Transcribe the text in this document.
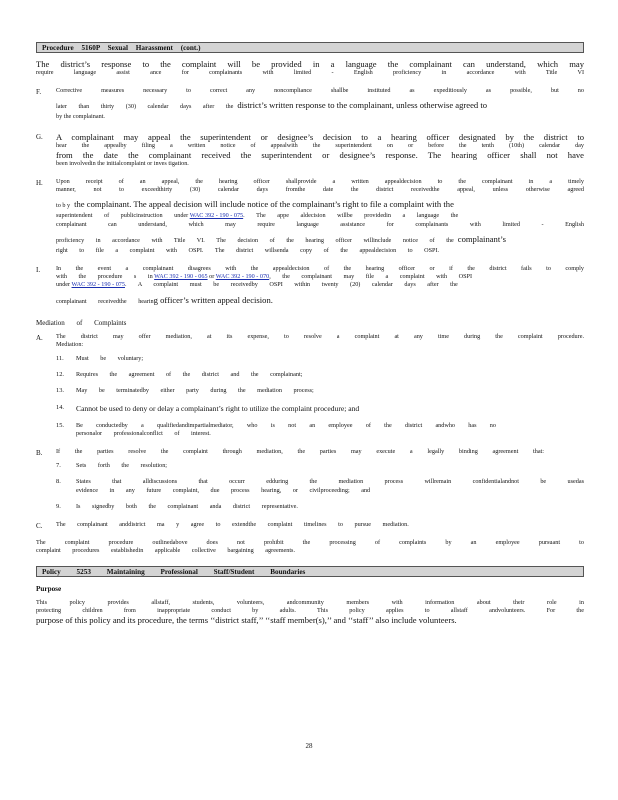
Procedure 5160P Sexual Harassment (cont.)
The district’s response to the complaint will be provided in a language the complainant can understand, which may
require language assist ance for complainants with limited - English proficiency in accordance with Title VI
F. Corrective measures necessary to correct any noncompliance shallbe instituted as expeditiously as possible, but no
later than thirty (30) calendar days after the district’s written response to the complainant, unless otherwise agreed to
by the complainant.
G. A complainant may appeal the superintendent or designee’s decision to a hearing officer designated by the district to
hear the appealby filing a written notice of appealwith the superintendent on or before the tenth (10th) calendar day
from the date the complainant received the superintendent or designee’s response. The hearing officer shall not have
been involvedin the initialcomplaint or inves tigation.
H. Upon receipt of an appeal, the hearing officer shallprovide a written appealdecision to the complainant in a timely
manner, not to exceedthirty (30) calendar days fromthe date the district receivedthe appeal, unless otherwise agreed
to b y the complainant. The appeal decision will include notice of the complainant’s right to file a complaint with the
superintendent of publicinstruction under WAC 392 - 190 - 075. The appe aldecision willbe providedin a language the
complainant can understand, which may require language assistance for complainants with limited - English
proficiency in accordance with Title VI. The decision of the hearing officer willinclude notice of the complainant’s
right to file a complaint with OSPI. The district willsenda copy of the appealdecision to OSPI.
I.	In the event a complainant disagrees with the appealdecision of the hearing officer or if the district fails to comply
with the procedure s in WAC 392 - 190 - 065 or WAC 392 - 190 - 070, the complainant may file a complaint with OSPI
under WAC 392 - 190 - 075. A complaint must be receivedby OSPI within twenty (20) calendar days after the
complainant receivedthe hearing officer’s written appeal decision.
Mediation of Complaints
A. The district may offer mediation, at its expense, to resolve a complaint at any time during the complaint procedure.
Mediation:
11. Must be voluntary;
12. Requires the agreement of the district and the complainant;
13. May be terminatedby either party during the mediation process;
14. Cannot be used to deny or delay a complainant’s right to utilize the complaint procedure; and
15. Be conductedby a qualifiedandimpartialmediator, who is not an employee of the district andwho has no
personalor professionalconflict of interest.
B. If the parties resolve the complaint through mediation, the parties may execute a legally binding agreement that:
7. Sets forth the resolution;
8. States that alldiscussions that occurr edduring the mediation process willremain confidentialandnot be usedas
evidence in any future complaint, due process hearing, or civilproceeding; and
9. Is signedby both the complainant anda district representative.
C. The complainant anddistrict ma y agree to extendthe complaint timelines to pursue mediation.
The complaint procedure outlinedabove does not prohibit the processing of complaints by an employee pursuant to
complaint procedures establishedin applicable collective bargaining agreements.
Policy 5253 Maintaining Professional Staff/Student Boundaries
Purpose
This policy provides allstaff, students, volunteers, andcommunity members with information about their role in
protecting children from inappropriate conduct by adults. This policy applies to allstaff andvolunteers. For the
purpose of this policy and its procedure, the terms ‘‘district staff,’’ ‘‘staff member(s),’’ and ‘‘staff’’ also include volunteers.
28
